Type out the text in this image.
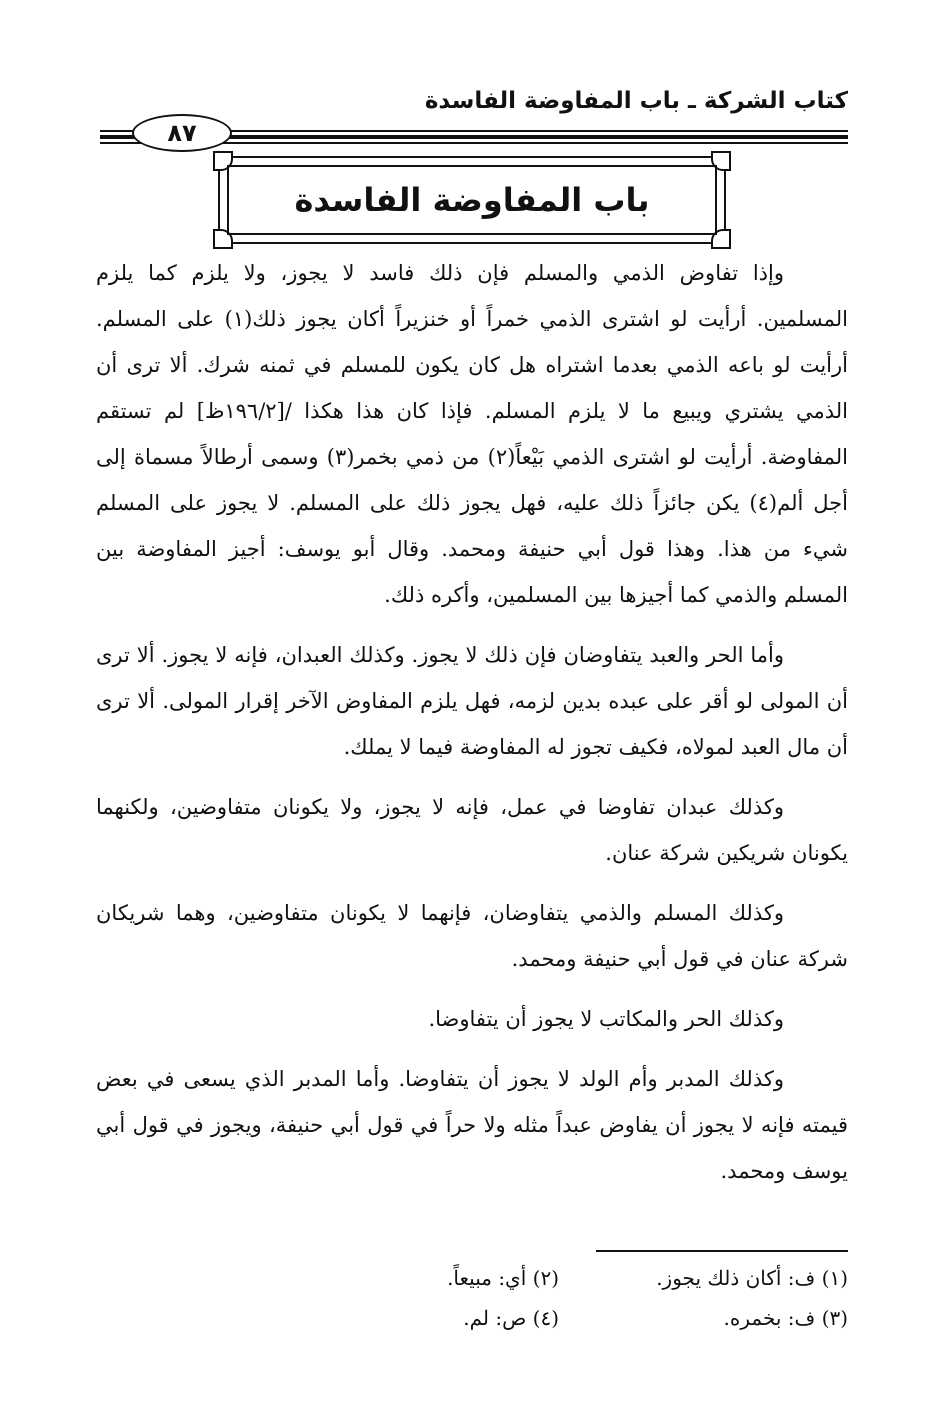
كتاب الشركة ـ باب المفاوضة الفاسدة
٨٧
باب المفاوضة الفاسدة

وإذا تفاوض الذمي والمسلم فإن ذلك فاسد لا يجوز، ولا يلزم كما يلزم المسلمين. أرأيت لو اشترى الذمي خمراً أو خنزيراً أكان يجوز ذلك(١) على المسلم. أرأيت لو باعه الذمي بعدما اشتراه هل كان يكون للمسلم في ثمنه شرك. ألا ترى أن الذمي يشتري ويبيع ما لا يلزم المسلم. فإذا كان هذا هكذا /[١٩٦/٢ظ] لم تستقم المفاوضة. أرأيت لو اشترى الذمي بَيْعاً(٢) من ذمي بخمر(٣) وسمى أرطالاً مسماة إلى أجل ألم(٤) يكن جائزاً ذلك عليه، فهل يجوز ذلك على المسلم. لا يجوز على المسلم شيء من هذا. وهذا قول أبي حنيفة ومحمد. وقال أبو يوسف: أجيز المفاوضة بين المسلم والذمي كما أجيزها بين المسلمين، وأكره ذلك.

وأما الحر والعبد يتفاوضان فإن ذلك لا يجوز. وكذلك العبدان، فإنه لا يجوز. ألا ترى أن المولى لو أقر على عبده بدين لزمه، فهل يلزم المفاوض الآخر إقرار المولى. ألا ترى أن مال العبد لمولاه، فكيف تجوز له المفاوضة فيما لا يملك.

وكذلك عبدان تفاوضا في عمل، فإنه لا يجوز، ولا يكونان متفاوضين، ولكنهما يكونان شريكين شركة عنان.

وكذلك المسلم والذمي يتفاوضان، فإنهما لا يكونان متفاوضين، وهما شريكان شركة عنان في قول أبي حنيفة ومحمد.

وكذلك الحر والمكاتب لا يجوز أن يتفاوضا.

وكذلك المدبر وأم الولد لا يجوز أن يتفاوضا. وأما المدبر الذي يسعى في بعض قيمته فإنه لا يجوز أن يفاوض عبداً مثله ولا حراً في قول أبي حنيفة، ويجوز في قول أبي يوسف ومحمد.

(١) ف: أكان ذلك يجوز.
(٢) أي: مبيعاً.
(٣) ف: بخمره.
(٤) ص: لم.
